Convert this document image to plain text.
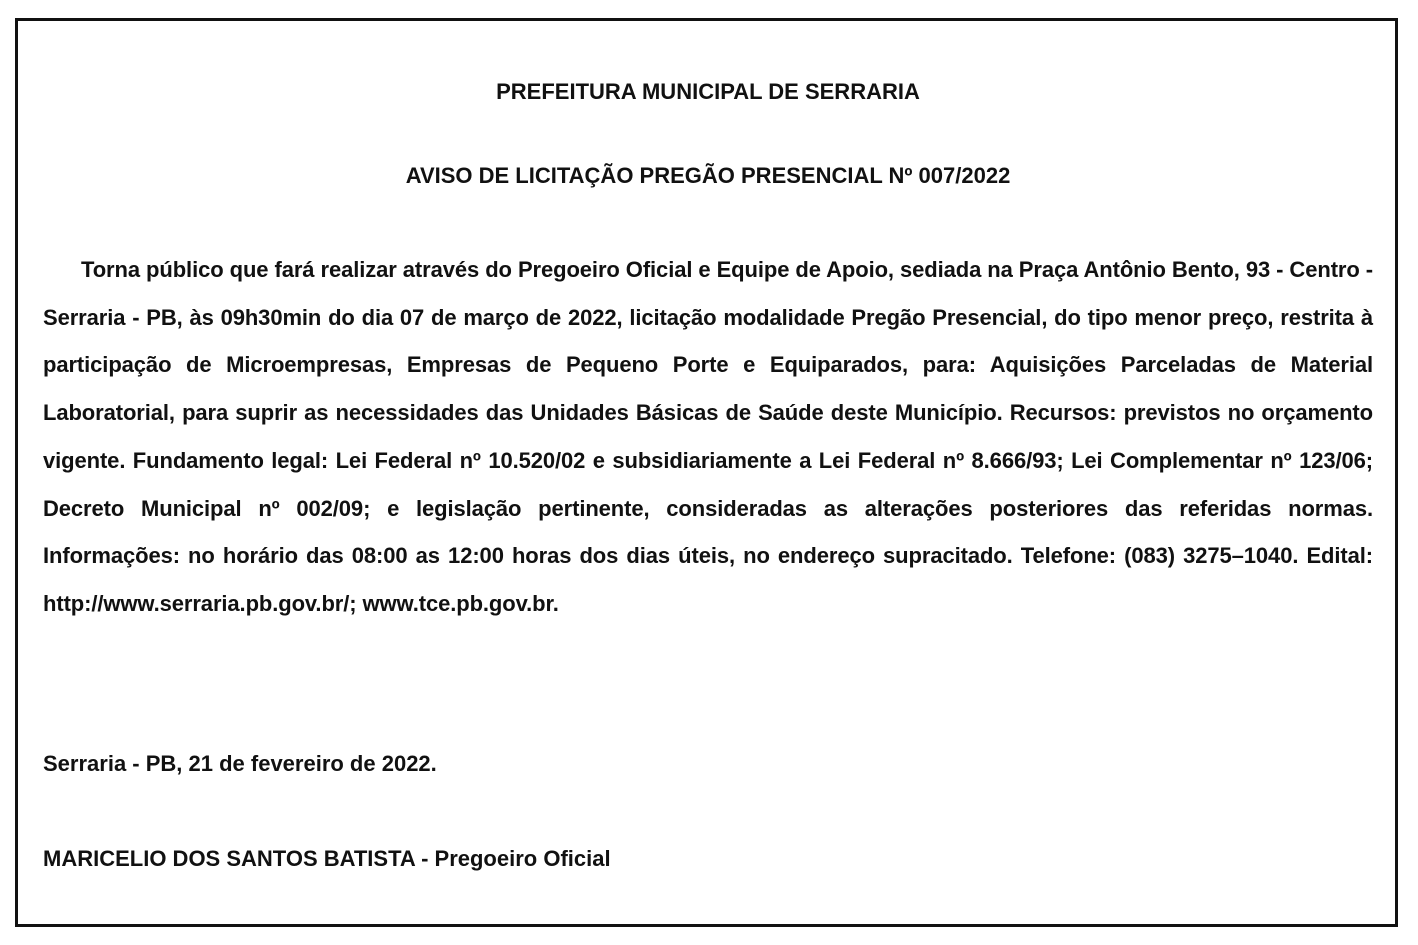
PREFEITURA MUNICIPAL DE SERRARIA

AVISO DE LICITAÇÃO PREGÃO PRESENCIAL Nº 007/2022

Torna público que fará realizar através do Pregoeiro Oficial e Equipe de Apoio, sediada na Praça Antônio Bento, 93 - Centro - Serraria - PB, às 09h30min do dia 07 de março de 2022, licitação modalidade Pregão Presencial, do tipo menor preço, restrita à participação de Microempresas, Empresas de Pequeno Porte e Equiparados, para: Aquisições Parceladas de Material Laboratorial, para suprir as necessidades das Unidades Básicas de Saúde deste Município. Recursos: previstos no orçamento vigente. Fundamento legal: Lei Federal nº 10.520/02 e subsidiariamente a Lei Federal nº 8.666/93; Lei Complementar nº 123/06; Decreto Municipal nº 002/09; e legislação pertinente, consideradas as alterações posteriores das referidas normas. Informações: no horário das 08:00 as 12:00 horas dos dias úteis, no endereço supracitado. Telefone: (083) 3275–1040. Edital: http://www.serraria.pb.gov.br/; www.tce.pb.gov.br.

Serraria - PB, 21 de fevereiro de 2022.

MARICELIO DOS SANTOS BATISTA - Pregoeiro Oficial
